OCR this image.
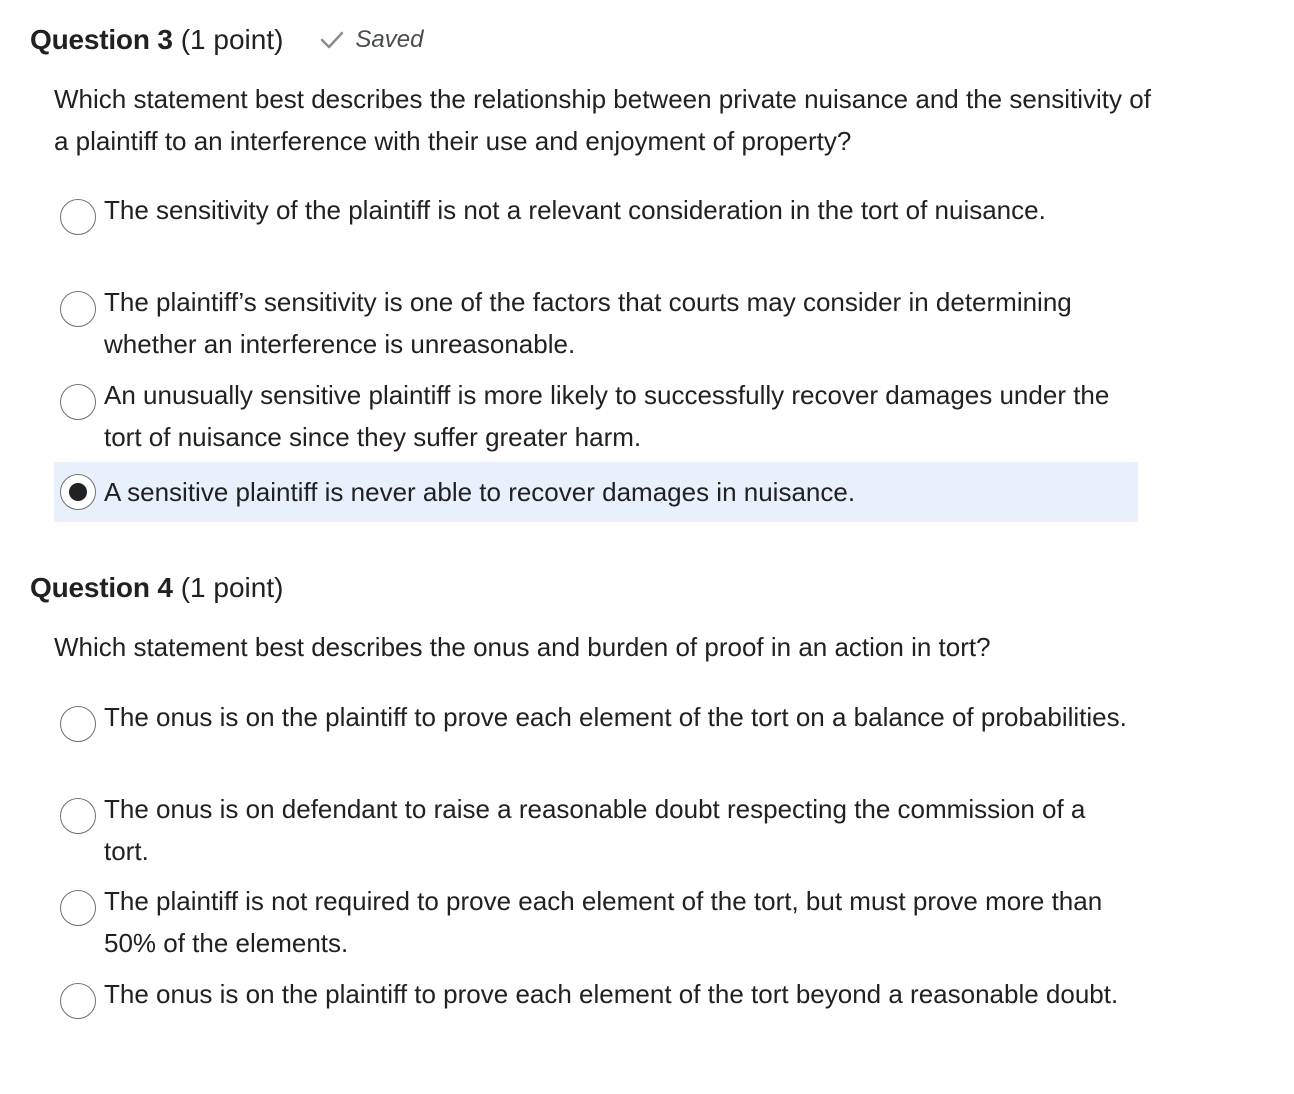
Question 3 (1 point)	Saved
Which statement best describes the relationship between private nuisance and the sensitivity of a plaintiff to an interference with their use and enjoyment of property?
The sensitivity of the plaintiff is not a relevant consideration in the tort of nuisance.
The plaintiff’s sensitivity is one of the factors that courts may consider in determining whether an interference is unreasonable.
An unusually sensitive plaintiff is more likely to successfully recover damages under the tort of nuisance since they suffer greater harm.
A sensitive plaintiff is never able to recover damages in nuisance.
Question 4 (1 point)
Which statement best describes the onus and burden of proof in an action in tort?
The onus is on the plaintiff to prove each element of the tort on a balance of probabilities.
The onus is on defendant to raise a reasonable doubt respecting the commission of a tort.
The plaintiff is not required to prove each element of the tort, but must prove more than 50% of the elements.
The onus is on the plaintiff to prove each element of the tort beyond a reasonable doubt.
